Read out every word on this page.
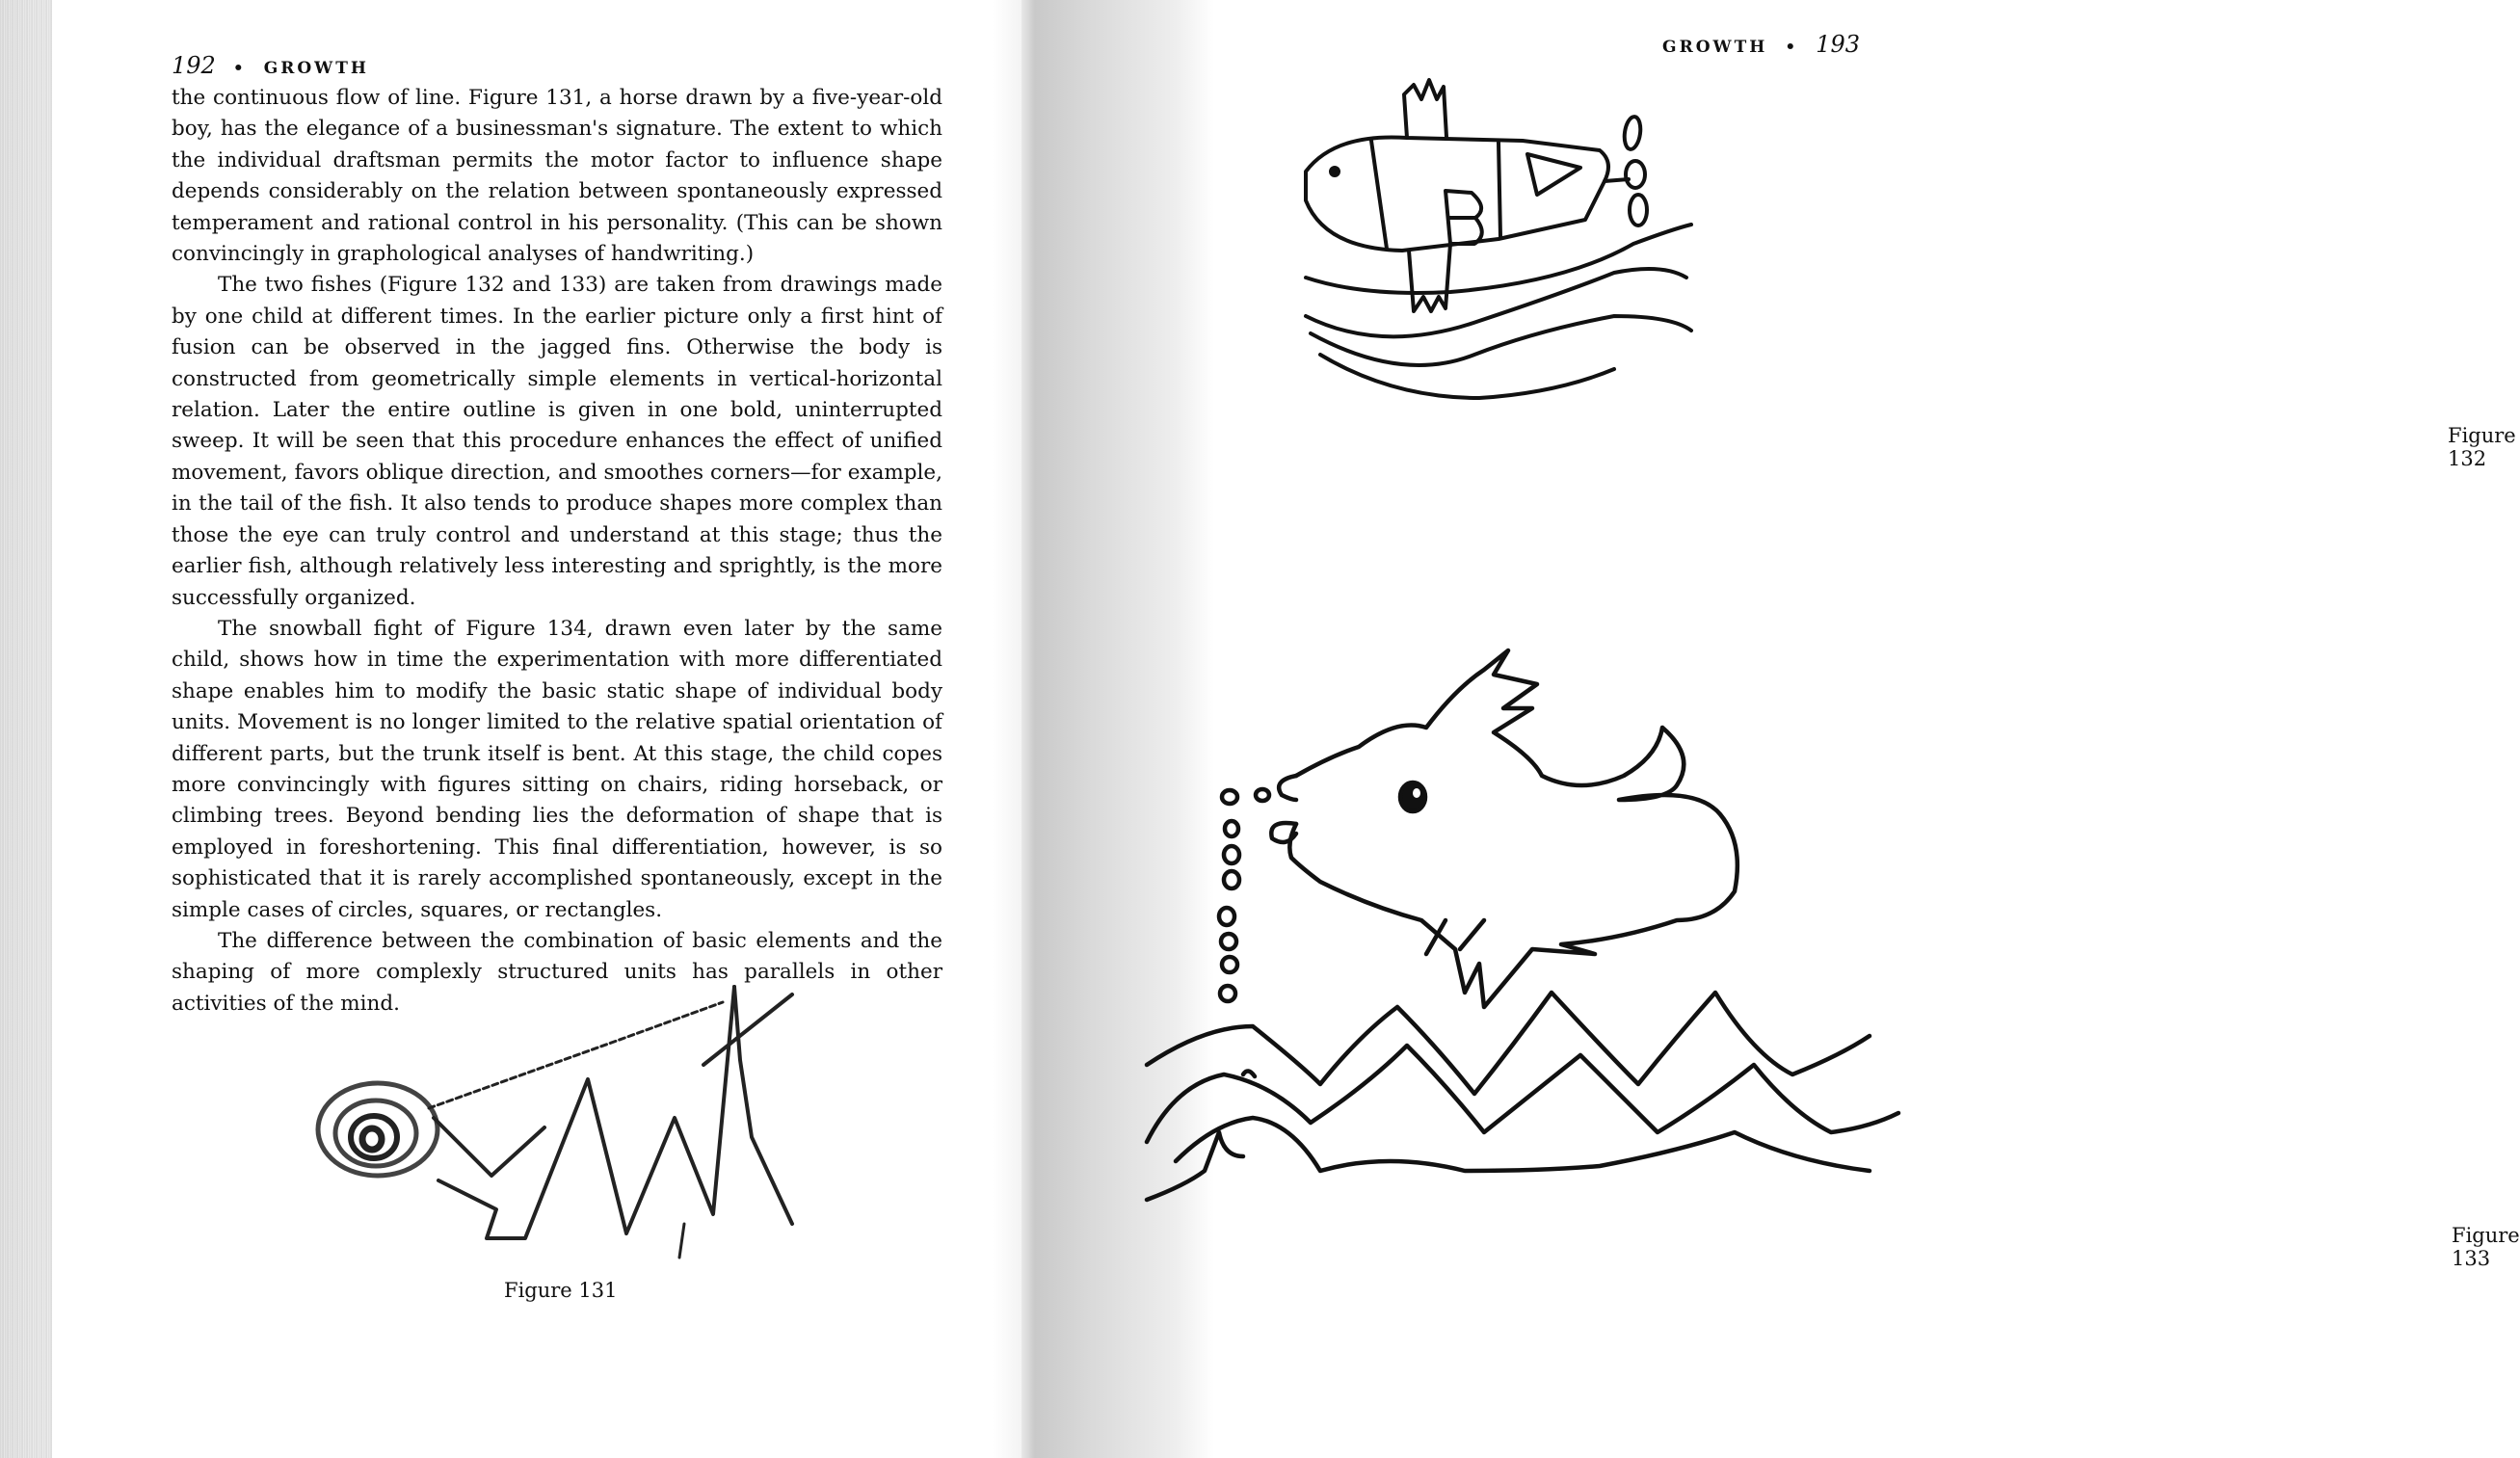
192 • GROWTH

the continuous flow of line. Figure 131, a horse drawn by a five-year-old boy, has the elegance of a businessman's signature. The extent to which the individual draftsman permits the motor factor to influence shape depends considerably on the relation between spontaneously expressed temperament and rational control in his personality. (This can be shown convincingly in graphological analyses of handwriting.)

The two fishes (Figure 132 and 133) are taken from drawings made by one child at different times. In the earlier picture only a first hint of fusion can be observed in the jagged fins. Otherwise the body is constructed from geometrically simple elements in vertical-horizontal relation. Later the entire outline is given in one bold, uninterrupted sweep. It will be seen that this procedure enhances the effect of unified movement, favors oblique direction, and smoothes corners—for example, in the tail of the fish. It also tends to produce shapes more complex than those the eye can truly control and understand at this stage; thus the earlier fish, although relatively less interesting and sprightly, is the more successfully organized.

The snowball fight of Figure 134, drawn even later by the same child, shows how in time the experimentation with more differentiated shape enables him to modify the basic static shape of individual body units. Movement is no longer limited to the relative spatial orientation of different parts, but the trunk itself is bent. At this stage, the child copes more convincingly with figures sitting on chairs, riding horseback, or climbing trees. Beyond bending lies the deformation of shape that is employed in foreshortening. This final differentiation, however, is so sophisticated that it is rarely accomplished spontaneously, except in the simple cases of circles, squares, or rectangles.

The difference between the combination of basic elements and the shaping of more complexly structured units has parallels in other activities of the mind.

Figure 131
GROWTH • 193
Figure 132
Figure 133
